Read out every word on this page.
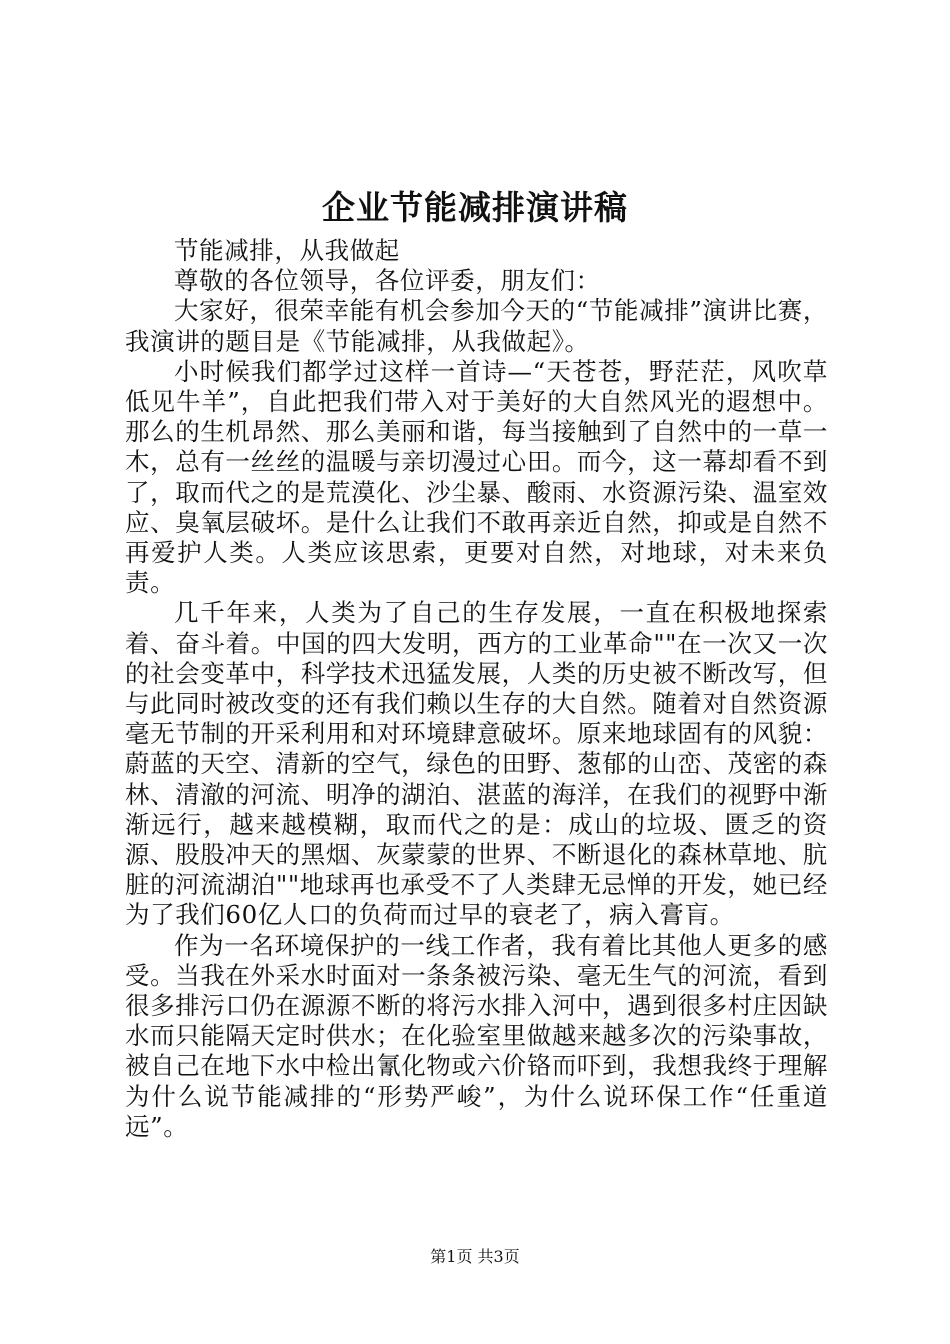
企业节能减排演讲稿

节能减排，从我做起

尊敬的各位领导，各位评委，朋友们：

大家好，很荣幸能有机会参加今天的“节能减排”演讲比赛，我演讲的题目是《节能减排，从我做起》。

小时候我们都学过这样一首诗—“天苍苍，野茫茫，风吹草低见牛羊”，自此把我们带入对于美好的大自然风光的遐想中。那么的生机昂然、那么美丽和谐，每当接触到了自然中的一草一木，总有一丝丝的温暖与亲切漫过心田。而今，这一幕却看不到了，取而代之的是荒漠化、沙尘暴、酸雨、水资源污染、温室效应、臭氧层破坏。是什么让我们不敢再亲近自然，抑或是自然不再爱护人类。人类应该思索，更要对自然，对地球，对未来负责。

几千年来，人类为了自己的生存发展，一直在积极地探索着、奋斗着。中国的四大发明，西方的工业革命""在一次又一次的社会变革中，科学技术迅猛发展，人类的历史被不断改写，但与此同时被改变的还有我们赖以生存的大自然。随着对自然资源毫无节制的开采利用和对环境肆意破坏。原来地球固有的风貌：蔚蓝的天空、清新的空气，绿色的田野、葱郁的山峦、茂密的森林、清澈的河流、明净的湖泊、湛蓝的海洋，在我们的视野中渐渐远行，越来越模糊，取而代之的是：成山的垃圾、匮乏的资源、股股冲天的黑烟、灰蒙蒙的世界、不断退化的森林草地、肮脏的河流湖泊""地球再也承受不了人类肆无忌惮的开发，她已经为了我们60亿人口的负荷而过早的衰老了，病入膏肓。

作为一名环境保护的一线工作者，我有着比其他人更多的感受。当我在外采水时面对一条条被污染、毫无生气的河流，看到很多排污口仍在源源不断的将污水排入河中，遇到很多村庄因缺水而只能隔天定时供水；在化验室里做越来越多次的污染事故，被自己在地下水中检出氰化物或六价铬而吓到，我想我终于理解为什么说节能减排的“形势严峻”，为什么说环保工作“任重道远”。

第1页 共3页
